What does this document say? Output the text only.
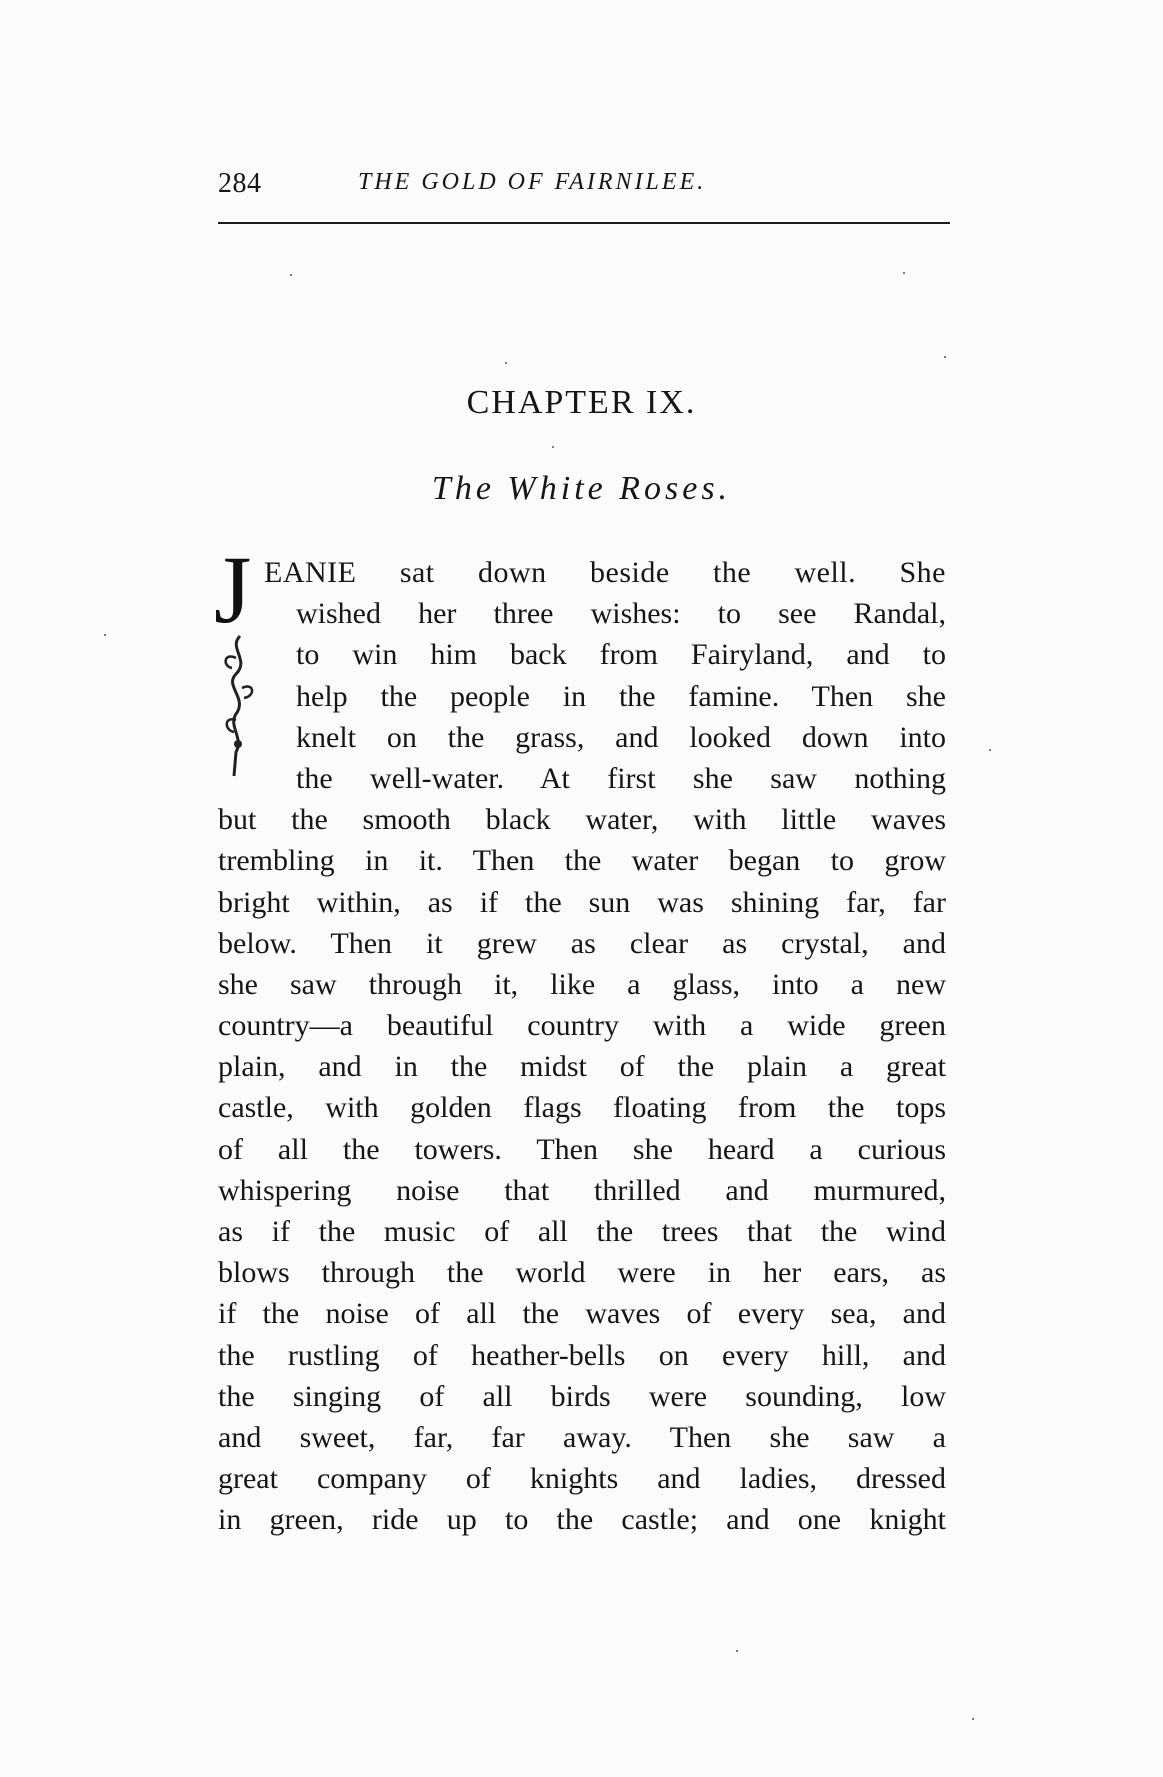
284	THE GOLD OF FAIRNILEE.
CHAPTER IX.
The White Roses.
J EANIE sat down beside the well. She
wished her three wishes: to see Randal,
to win him back from Fairyland, and to
help the people in the famine. Then she
knelt on the grass, and looked down into
the well-water. At first she saw nothing
but the smooth black water, with little waves
trembling in it. Then the water began to grow
bright within, as if the sun was shining far, far
below. Then it grew as clear as crystal, and
she saw through it, like a glass, into a new
country—a beautiful country with a wide green
plain, and in the midst of the plain a great
castle, with golden flags floating from the tops
of all the towers. Then she heard a curious
whispering noise that thrilled and murmured,
as if the music of all the trees that the wind
blows through the world were in her ears, as
if the noise of all the waves of every sea, and
the rustling of heather-bells on every hill, and
the singing of all birds were sounding, low
and sweet, far, far away. Then she saw a
great company of knights and ladies, dressed
in green, ride up to the castle; and one knight
